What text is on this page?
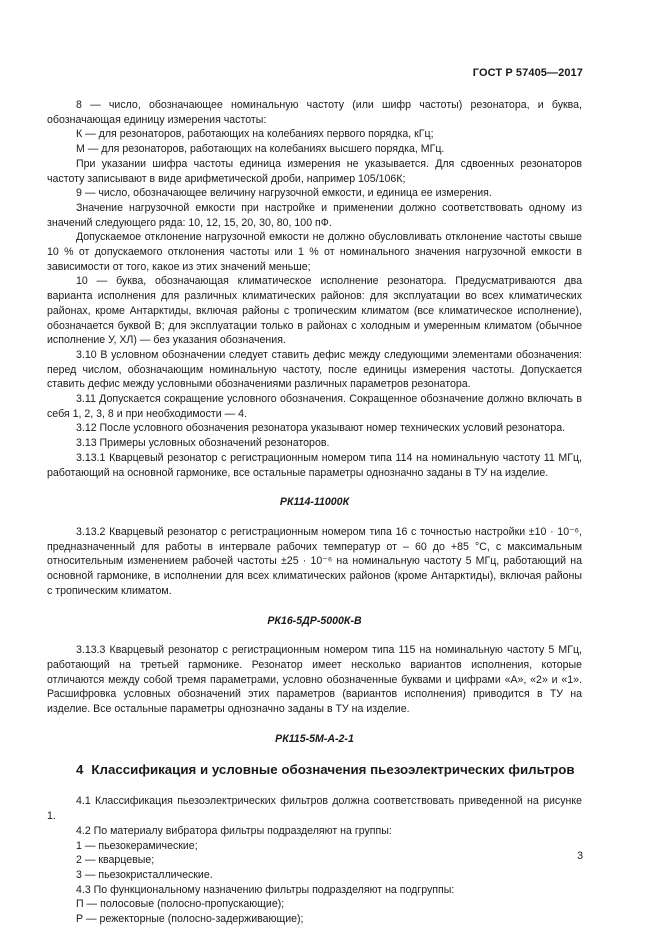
ГОСТ Р 57405—2017

8 — число, обозначающее номинальную частоту (или шифр частоты) резонатора, и буква, обозначающая единицу измерения частоты:

К — для резонаторов, работающих на колебаниях первого порядка, кГц;

М — для резонаторов, работающих на колебаниях высшего порядка, МГц.

При указании шифра частоты единица измерения не указывается. Для сдвоенных резонаторов частоту записывают в виде арифметической дроби, например 105/106К;

9 — число, обозначающее величину нагрузочной емкости, и единица ее измерения.

Значение нагрузочной емкости при настройке и применении должно соответствовать одному из значений следующего ряда: 10, 12, 15, 20, 30, 80, 100 пФ.

Допускаемое отклонение нагрузочной емкости не должно обусловливать отклонение частоты свыше 10 % от допускаемого отклонения частоты или 1 % от номинального значения нагрузочной емкости в зависимости от того, какое из этих значений меньше;

10 — буква, обозначающая климатическое исполнение резонатора. Предусматриваются два варианта исполнения для различных климатических районов: для эксплуатации во всех климатических районах, кроме Антарктиды, включая районы с тропическим климатом (все климатическое исполнение), обозначается буквой В; для эксплуатации только в районах с холодным и умеренным климатом (обычное исполнение У, ХЛ) — без указания обозначения.

3.10 В условном обозначении следует ставить дефис между следующими элементами обозначения: перед числом, обозначающим номинальную частоту, после единицы измерения частоты. Допускается ставить дефис между условными обозначениями различных параметров резонатора.

3.11 Допускается сокращение условного обозначения. Сокращенное обозначение должно включать в себя 1, 2, 3, 8 и при необходимости — 4.

3.12 После условного обозначения резонатора указывают номер технических условий резонатора.

3.13 Примеры условных обозначений резонаторов.

3.13.1 Кварцевый резонатор с регистрационным номером типа 114 на номинальную частоту 11 МГц, работающий на основной гармонике, все остальные параметры однозначно заданы в ТУ на изделие.

РК114-11000К

3.13.2 Кварцевый резонатор с регистрационным номером типа 16 с точностью настройки ±10 · 10⁻⁶, предназначенный для работы в интервале рабочих температур от – 60 до +85 °С, с максимальным относительным изменением рабочей частоты ±25 · 10⁻⁶ на номинальную частоту 5 МГц, работающий на основной гармонике, в исполнении для всех климатических районов (кроме Антарктиды), включая районы с тропическим климатом.

РК16-5ДР-5000К-В

3.13.3 Кварцевый резонатор с регистрационным номером типа 115 на номинальную частоту 5 МГц, работающий на третьей гармонике. Резонатор имеет несколько вариантов исполнения, которые отличаются между собой тремя параметрами, условно обозначенные буквами и цифрами «А», «2» и «1». Расшифровка условных обозначений этих параметров (вариантов исполнения) приводится в ТУ на изделие. Все остальные параметры однозначно заданы в ТУ на изделие.

РК115-5М-А-2-1

4 Классификация и условные обозначения пьезоэлектрических фильтров

4.1 Классификация пьезоэлектрических фильтров должна соответствовать приведенной на рисунке 1.

4.2 По материалу вибратора фильтры подразделяют на группы:

1 — пьезокерамические;

2 — кварцевые;

3 — пьезокристаллические.

4.3 По функциональному назначению фильтры подразделяют на подгруппы:

П — полосовые (полосно-пропускающие);

Р — режекторные (полосно-задерживающие);

3
